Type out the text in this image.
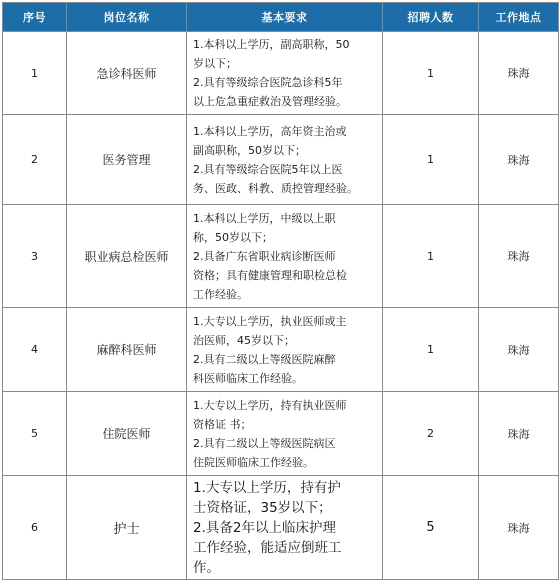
序号	岗位名称	基本要求	招聘人数	工作地点
1	急诊科医师	1.本科以上学历，副高职称，50
岁以下；
2.具有等级综合医院急诊科5年
以上危急重症救治及管理经验。	1	珠海
2	医务管理	1.本科以上学历，高年资主治或
副高职称，50岁以下；
2.具有等级综合医院5年以上医
务、医政、科教、质控管理经验。	1	珠海
3	职业病总检医师	1.本科以上学历，中级以上职
称，50岁以下；
2.具备广东省职业病诊断医师
资格；具有健康管理和职检总检
工作经验。	1	珠海
4	麻醉科医师	1.大专以上学历，执业医师或主
治医师，45岁以下；
2.具有二级以上等级医院麻醉
科医师临床工作经验。	1	珠海
5	住院医师	1.大专以上学历，持有执业医师
资格证 书；
2.具有二级以上等级医院病区
住院医师临床工作经验。	2	珠海
6	护士	1.大专以上学历，持有护
士资格证，35岁以下；
2.具备2年以上临床护理
工作经验，能适应倒班工
作。	5	珠海
